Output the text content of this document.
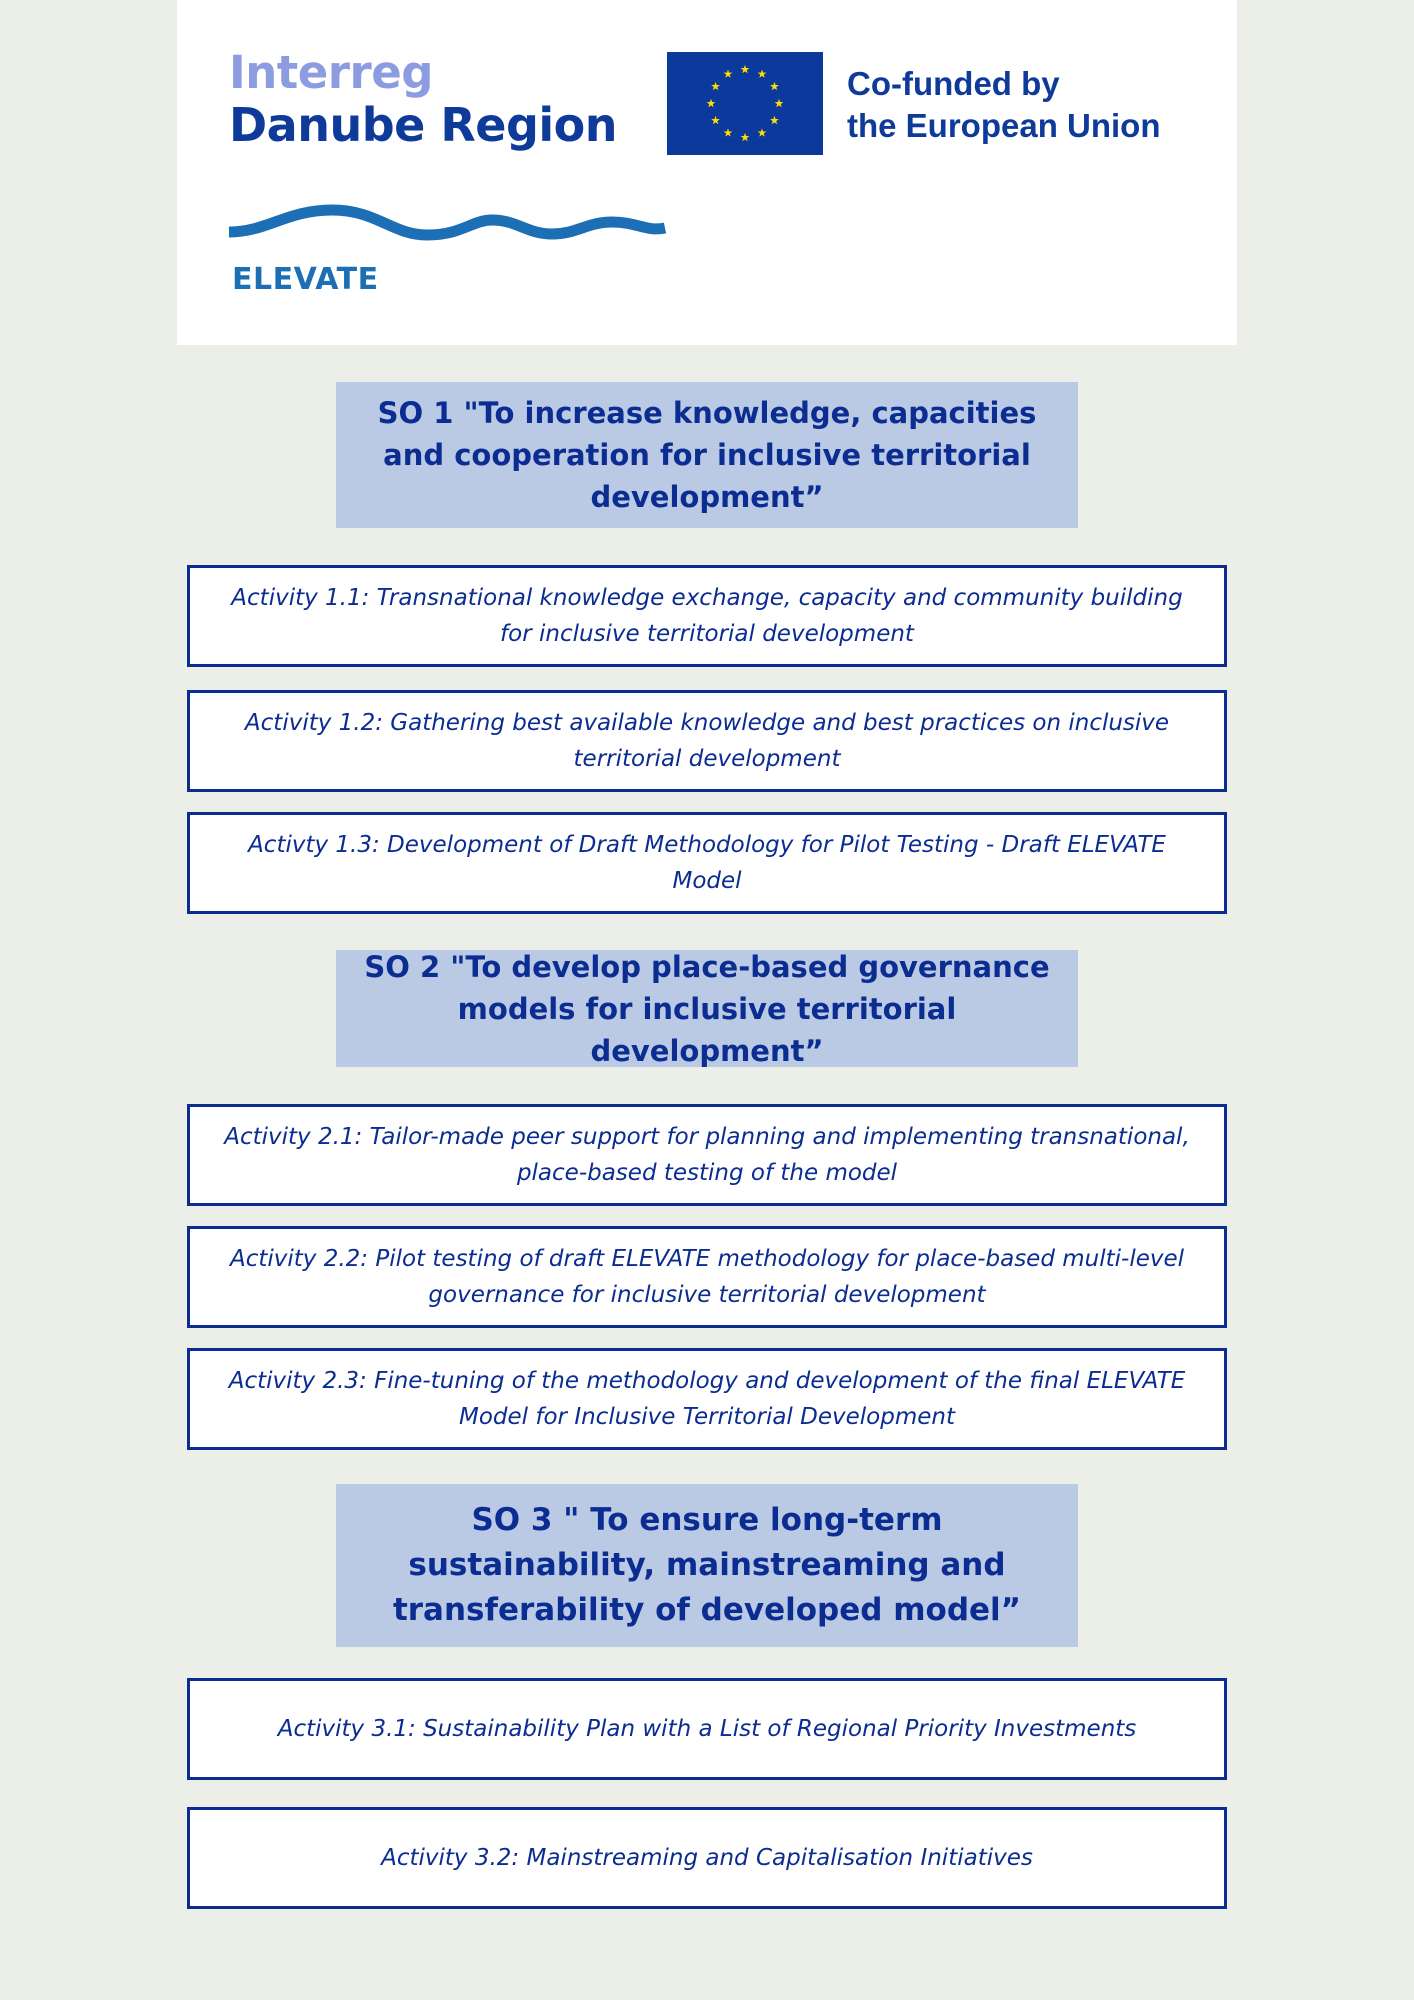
Interreg
Danube Region
Co-funded by
the European Union
ELEVATE
SO 1 "To increase knowledge, capacities and cooperation for inclusive territorial development”
Activity 1.1: Transnational knowledge exchange, capacity and community building for inclusive territorial development
Activity 1.2: Gathering best available knowledge and best practices on inclusive territorial development
Activty 1.3: Development of Draft Methodology for Pilot Testing - Draft ELEVATE Model
SO 2 "To develop place-based governance models for inclusive territorial development”
Activity 2.1: Tailor-made peer support for planning and implementing transnational, place-based testing of the model
Activity 2.2: Pilot testing of draft ELEVATE methodology for place-based multi-level governance for inclusive territorial development
Activity 2.3: Fine-tuning of the methodology and development of the final ELEVATE Model for Inclusive Territorial Development
SO 3 " To ensure long-term sustainability, mainstreaming and transferability of developed model”
Activity 3.1: Sustainability Plan with a List of Regional Priority Investments
Activity 3.2: Mainstreaming and Capitalisation Initiatives
